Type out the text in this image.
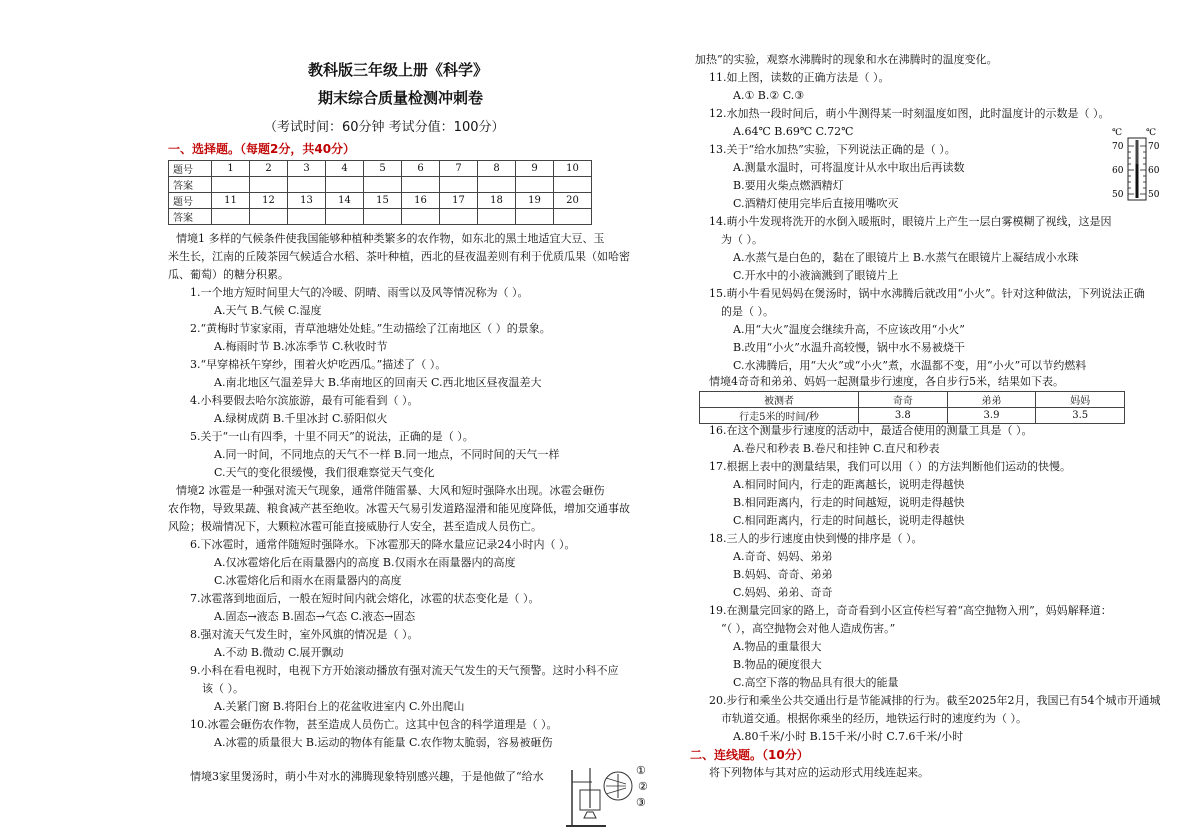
教科版三年级上册《科学》
期末综合质量检测冲刺卷
（考试时间：60分钟 考试分值：100分）
一、选择题。（每题2分，共40分）
题号	1	2	3	4	5	6	7	8	9	10
答案										
题号	11	12	13	14	15	16	17	18	19	20
答案										
情境1 多样的气候条件使我国能够种植种类繁多的农作物，如东北的黑土地适宜大豆、玉
米生长，江南的丘陵茶园气候适合水稻、茶叶种植，西北的昼夜温差则有利于优质瓜果（如哈密
瓜、葡萄）的糖分积累。
1.一个地方短时间里大气的冷暖、阴晴、雨雪以及风等情况称为（ ）。
A.天气 B.气候 C.湿度
2.“黄梅时节家家雨，青草池塘处处蛙。”生动描绘了江南地区（ ）的景象。
A.梅雨时节 B.冰冻季节 C.秋收时节
3.“早穿棉袄午穿纱，围着火炉吃西瓜。”描述了（ ）。
A.南北地区气温差异大 B.华南地区的回南天 C.西北地区昼夜温差大
4.小科要假去哈尔滨旅游，最有可能看到（ ）。
A.绿树成荫 B.千里冰封 C.骄阳似火
5.关于“一山有四季，十里不同天”的说法，正确的是（ ）。
A.同一时间，不同地点的天气不一样 B.同一地点，不同时间的天气一样
C.天气的变化很缓慢，我们很难察觉天气变化
情境2 冰雹是一种强对流天气现象，通常伴随雷暴、大风和短时强降水出现。冰雹会砸伤
农作物，导致果蔬、粮食减产甚至绝收。冰雹天气易引发道路湿滑和能见度降低，增加交通事故
风险；极端情况下，大颗粒冰雹可能直接威胁行人安全，甚至造成人员伤亡。
6.下冰雹时，通常伴随短时强降水。下冰雹那天的降水量应记录24小时内（ ）。
A.仅冰雹熔化后在雨量器内的高度 B.仅雨水在雨量器内的高度
C.冰雹熔化后和雨水在雨量器内的高度
7.冰雹落到地面后，一般在短时间内就会熔化，冰雹的状态变化是（ ）。
A.固态→液态 B.固态→气态 C.液态→固态
8.强对流天气发生时，室外风旗的情况是（ ）。
A.不动 B.微动 C.展开飘动
9.小科在看电视时，电视下方开始滚动播放有强对流天气发生的天气预警。这时小科不应
该（ ）。
A.关紧门窗 B.将阳台上的花盆收进室内 C.外出爬山
10.冰雹会砸伤农作物，甚至造成人员伤亡。这其中包含的科学道理是（ ）。
A.冰雹的质量很大 B.运动的物体有能量 C.农作物太脆弱，容易被砸伤
情境3家里煲汤时，萌小牛对水的沸腾现象特别感兴趣，于是他做了“给水	①
②
③
加热”的实验，观察水沸腾时的现象和水在沸腾时的温度变化。
11.如上图，读数的正确方法是（ ）。
A.① B.② C.③
12.水加热一段时间后，萌小牛测得某一时刻温度如图，此时温度计的示数是（ ）。
A.64℃ B.69℃ C.72℃
13.关于“给水加热”实验，下列说法正确的是（ ）。
A.测量水温时，可将温度计从水中取出后再读数
B.要用火柴点燃酒精灯
C.酒精灯使用完毕后直接用嘴吹灭
14.萌小牛发现将洗开的水倒入暖瓶时，眼镜片上产生一层白雾模糊了视线，这是因
为（ ）。
A.水蒸气是白色的，黏在了眼镜片上 B.水蒸气在眼镜片上凝结成小水珠
C.开水中的小液滴溅到了眼镜片上
15.萌小牛看见妈妈在煲汤时，锅中水沸腾后就改用“小火”。针对这种做法，下列说法正确
的是（ ）。
A.用“大火”温度会继续升高，不应该改用“小火”
B.改用“小火”水温升高较慢，锅中水不易被烧干
C.水沸腾后，用“大火”或“小火”煮，水温都不变，用“小火”可以节约燃料
情境4奇奇和弟弟、妈妈一起测量步行速度，各自步行5米，结果如下表。
被测者	奇奇	弟弟	妈妈
行走5米的时间/秒	3.8	3.9	3.5
16.在这个测量步行速度的活动中，最适合使用的测量工具是（ ）。
A.卷尺和秒表 B.卷尺和挂钟 C.直尺和秒表
17.根据上表中的测量结果，我们可以用（ ）的方法判断他们运动的快慢。
A.相同时间内，行走的距离越长，说明走得越快
B.相同距离内，行走的时间越短，说明走得越快
C.相同距离内，行走的时间越长，说明走得越快
18.三人的步行速度由快到慢的排序是（ ）。
A.奇奇、妈妈、弟弟
B.妈妈、奇奇、弟弟
C.妈妈、弟弟、奇奇
19.在测量完回家的路上，奇奇看到小区宣传栏写着“高空抛物入刑”，妈妈解释道：
“（ ），高空抛物会对他人造成伤害。”
A.物品的重量很大
B.物品的硬度很大
C.高空下落的物品具有很大的能量
20.步行和乘坐公共交通出行是节能减排的行为。截至2025年2月，我国已有54个城市开通城
市轨道交通。根据你乘坐的经历，地铁运行时的速度约为（ ）。
A.80千米/小时 B.15千米/小时 C.7.6千米/小时
二、连线题。（10分）
将下列物体与其对应的运动形式用线连起来。
℃	℃
70
60
50
70
60
50
